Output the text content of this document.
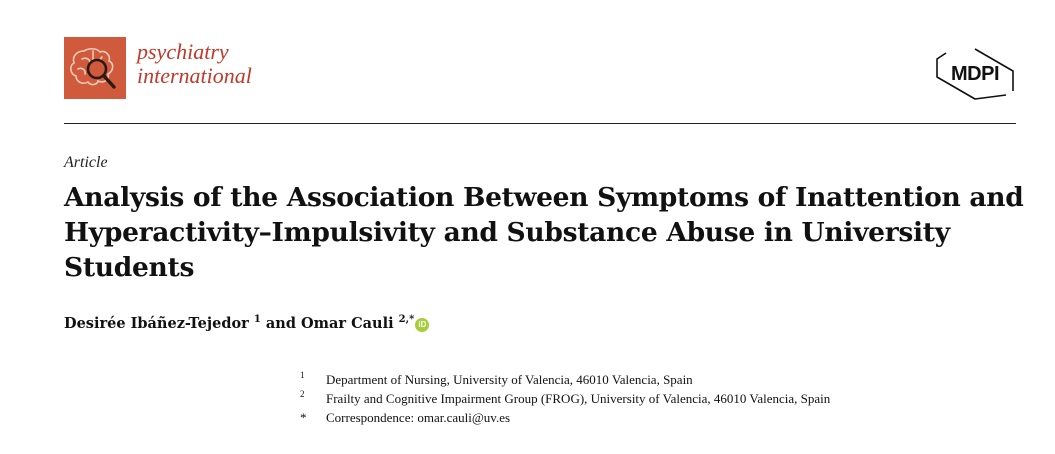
psychiatry
international	MDPI
Article
Analysis of the Association Between Symptoms of Inattention and Hyperactivity–Impulsivity and Substance Abuse in University Students
Desirée Ibáñez-Tejedor $^1$ and Omar Cauli $^{2,*}$ iD
1	Department of Nursing, University of Valencia, 46010 Valencia, Spain
2	Frailty and Cognitive Impairment Group (FROG), University of Valencia, 46010 Valencia, Spain
*	Correspondence: omar.cauli@uv.es
